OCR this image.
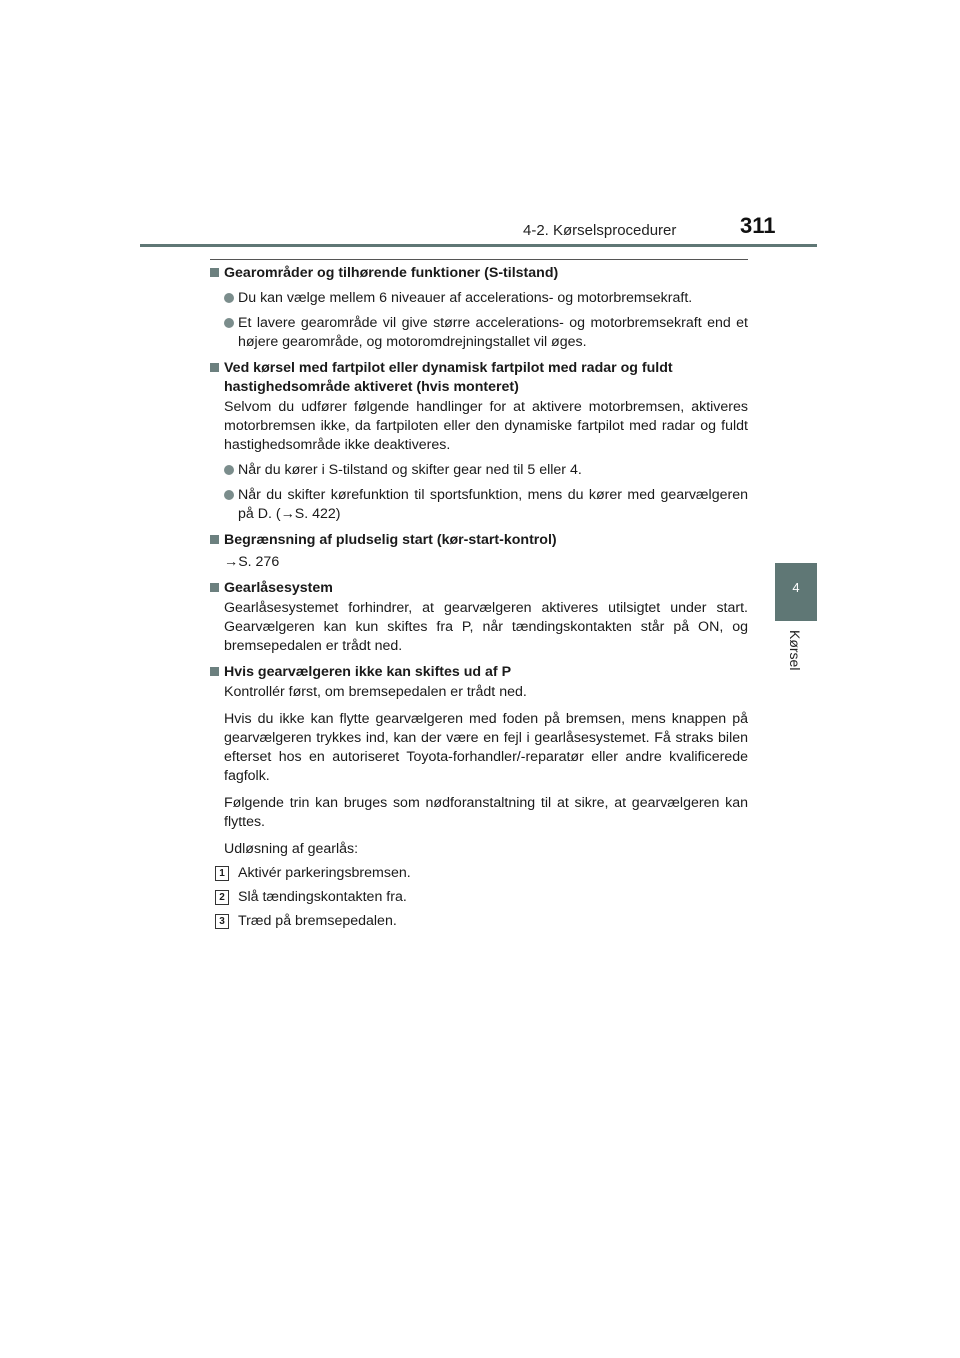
4-2. Kørselsprocedurer	311
4
Kørsel
Gearområder og tilhørende funktioner (S-tilstand)
Du kan vælge mellem 6 niveauer af accelerations- og motorbremsekraft.
Et lavere gearområde vil give større accelerations- og motorbremsekraft end et højere gearområde, og motoromdrejningstallet vil øges.
Ved kørsel med fartpilot eller dynamisk fartpilot med radar og fuldt hastighedsområde aktiveret (hvis monteret)
Selvom du udfører følgende handlinger for at aktivere motorbremsen, aktiveres motorbremsen ikke, da fartpiloten eller den dynamiske fartpilot med radar og fuldt hastighedsområde ikke deaktiveres.
Når du kører i S-tilstand og skifter gear ned til 5 eller 4.
Når du skifter kørefunktion til sportsfunktion, mens du kører med gearvælgeren på D. (→S. 422)
Begrænsning af pludselig start (kør-start-kontrol)
→S. 276
Gearlåsesystem
Gearlåsesystemet forhindrer, at gearvælgeren aktiveres utilsigtet under start. Gearvælgeren kan kun skiftes fra P, når tændingskontakten står på ON, og bremsepedalen er trådt ned.
Hvis gearvælgeren ikke kan skiftes ud af P
Kontrollér først, om bremsepedalen er trådt ned.
Hvis du ikke kan flytte gearvælgeren med foden på bremsen, mens knappen på gearvælgeren trykkes ind, kan der være en fejl i gearlåsesystemet. Få straks bilen efterset hos en autoriseret Toyota-forhandler/-reparatør eller andre kvalificerede fagfolk.
Følgende trin kan bruges som nødforanstaltning til at sikre, at gearvælgeren kan flyttes.
Udløsning af gearlås:
1 Aktivér parkeringsbremsen.
2 Slå tændingskontakten fra.
3 Træd på bremsepedalen.
